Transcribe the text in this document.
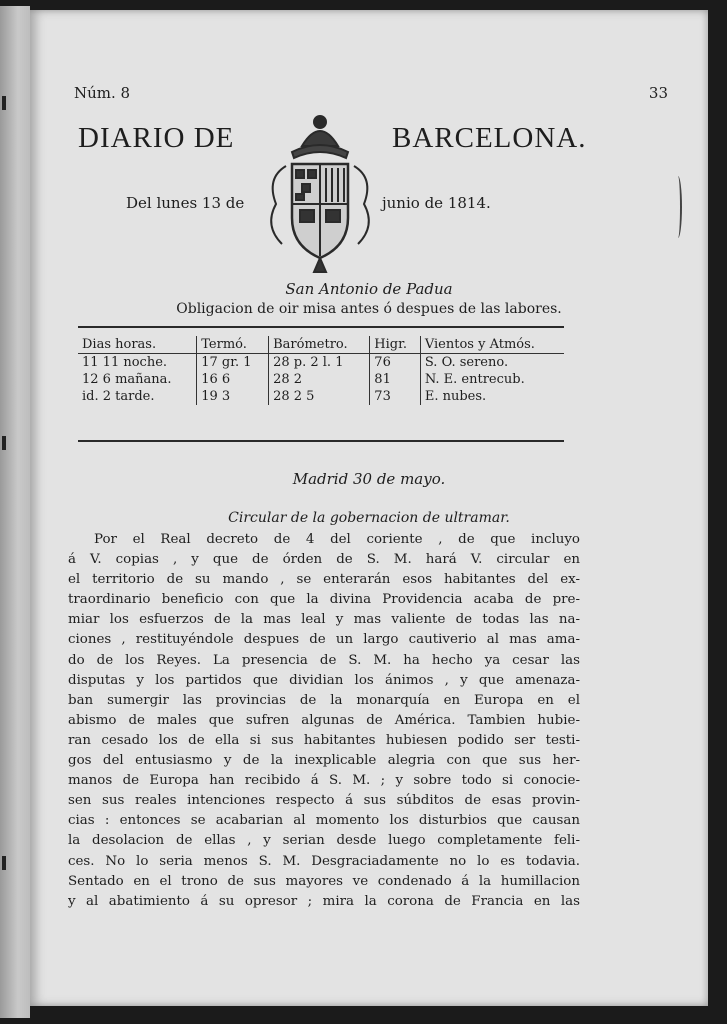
Núm. 8	33
DIARIO DE	BARCELONA.
Del lunes 13 de	junio de 1814.
San Antonio de Padua
Obligacion de oir misa antes ó despues de las labores.
Dias horas.	Termó.	Barómetro.	Higr.	Vientos y Atmós.
11 11 noche.	17 gr. 1	28 p. 2 l. 1	76	S. O. sereno.
12 6 mañana.	16 6	28 2	81	N. E. entrecub.
id. 2 tarde.	19 3	28 2 5	73	E. nubes.
Madrid 30 de mayo.
Circular de la gobernacion de ultramar.
Por el Real decreto de 4 del coriente , de que incluyo
á V. copias , y que de órden de S. M. hará V. circular en
el territorio de su mando , se enterarán esos habitantes del ex-
traordinario beneficio con que la divina Providencia acaba de pre-
miar los esfuerzos de la mas leal y mas valiente de todas las na-
ciones , restituyéndole despues de un largo cautiverio al mas ama-
do de los Reyes. La presencia de S. M. ha hecho ya cesar las
disputas y los partidos que dividian los ánimos , y que amenaza-
ban sumergir las provincias de la monarquía en Europa en el
abismo de males que sufren algunas de América. Tambien hubie-
ran cesado los de ella si sus habitantes hubiesen podido ser testi-
gos del entusiasmo y de la inexplicable alegria con que sus her-
manos de Europa han recibido á S. M. ; y sobre todo si conocie-
sen sus reales intenciones respecto á sus súbditos de esas provin-
cias : entonces se acabarian al momento los disturbios que causan
la desolacion de ellas , y serian desde luego completamente feli-
ces. No lo seria menos S. M. Desgraciadamente no lo es todavia.
Sentado en el trono de sus mayores ve condenado á la humillacion
y al abatimiento á su opresor ; mira la corona de Francia en las
